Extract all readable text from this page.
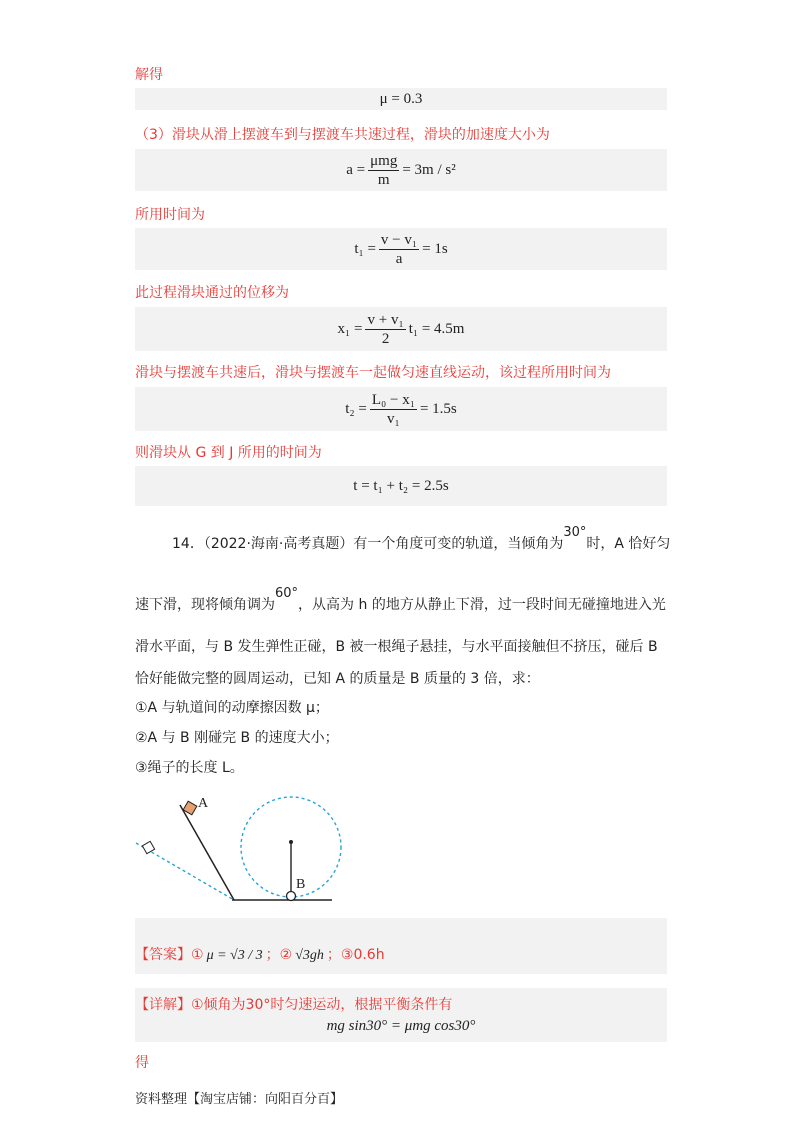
解得
μ = 0.3
（3）滑块从滑上摆渡车到与摆渡车共速过程，滑块的加速度大小为
$a = \frac{\text{μmg}}{m} = 3m / s^2$
所用时间为
$t_1 = \frac{\text{v − v₁}}{a} = 1s$
此过程滑块通过的位移为
$x_1 = \frac{\text{v + v₁}}{2} t_1 = 4.5m$
滑块与摆渡车共速后，滑块与摆渡车一起做匀速直线运动，该过程所用时间为
$t_2 = \frac{\text{L₀ − x₁}}{\text{v₁}} = 1.5s$
则滑块从 G 到 J 所用的时间为
t = t₁ + t₂ = 2.5s
14．（2022·海南·高考真题）有一个角度可变的轨道，当倾角为30°时，A 恰好匀
速下滑，现将倾角调为60°，从高为 h 的地方从静止下滑，过一段时间无碰撞地进入光
滑水平面，与 B 发生弹性正碰，B 被一根绳子悬挂，与水平面接触但不挤压，碰后 B
恰好能做完整的圆周运动，已知 A 的质量是 B 质量的 3 倍，求：
①A 与轨道间的动摩擦因数 μ；
②A 与 B 刚碰完 B 的速度大小；
③绳子的长度 L。
A
B
【答案】① μ = √3 / 3 ；② √3gh ；③0.6h
【详解】①倾角为30°时匀速运动，根据平衡条件有
mg sin30° = μmg cos30°
得
资料整理【淘宝店铺：向阳百分百】
